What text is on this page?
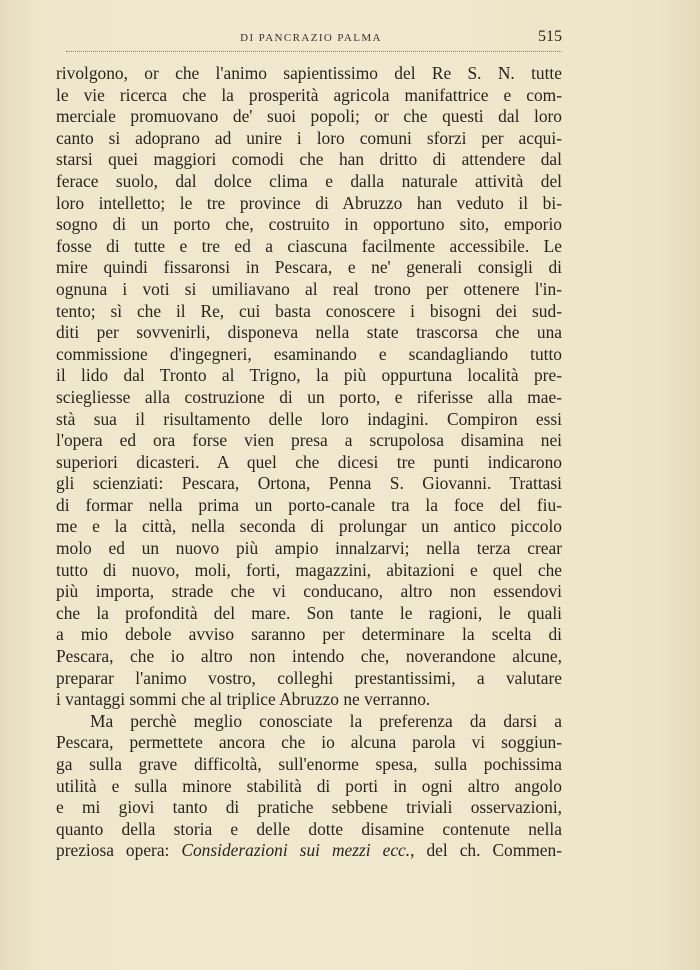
DI PANCRAZIO PALMA	515
rivolgono, or che l'animo sapientissimo del Re S. N. tutte
le vie ricerca che la prosperità agricola manifattrice e com-
merciale promuovano de' suoi popoli; or che questi dal loro
canto si adoprano ad unire i loro comuni sforzi per acqui-
starsi quei maggiori comodi che han dritto di attendere dal
ferace suolo, dal dolce clima e dalla naturale attività del
loro intelletto; le tre province di Abruzzo han veduto il bi-
sogno di un porto che, costruito in opportuno sito, emporio
fosse di tutte e tre ed a ciascuna facilmente accessibile. Le
mire quindi fissaronsi in Pescara, e ne' generali consigli di
ognuna i voti si umiliavano al real trono per ottenere l'in-
tento; sì che il Re, cui basta conoscere i bisogni dei sud-
diti per sovvenirli, disponeva nella state trascorsa che una
commissione d'ingegneri, esaminando e scandagliando tutto
il lido dal Tronto al Trigno, la più oppurtuna località pre-
sciegliesse alla costruzione di un porto, e riferisse alla mae-
stà sua il risultamento delle loro indagini. Compiron essi
l'opera ed ora forse vien presa a scrupolosa disamina nei
superiori dicasteri. A quel che dicesi tre punti indicarono
gli scienziati: Pescara, Ortona, Penna S. Giovanni. Trattasi
di formar nella prima un porto-canale tra la foce del fiu-
me e la città, nella seconda di prolungar un antico piccolo
molo ed un nuovo più ampio innalzarvi; nella terza crear
tutto di nuovo, moli, forti, magazzini, abitazioni e quel che
più importa, strade che vi conducano, altro non essendovi
che la profondità del mare. Son tante le ragioni, le quali
a mio debole avviso saranno per determinare la scelta di
Pescara, che io altro non intendo che, noverandone alcune,
preparar l'animo vostro, colleghi prestantissimi, a valutare
i vantaggi sommi che al triplice Abruzzo ne verranno.
Ma perchè meglio conosciate la preferenza da darsi a
Pescara, permettete ancora che io alcuna parola vi soggiun-
ga sulla grave difficoltà, sull'enorme spesa, sulla pochissima
utilità e sulla minore stabilità di porti in ogni altro angolo
e mi giovi tanto di pratiche sebbene triviali osservazioni,
quanto della storia e delle dotte disamine contenute nella
preziosa opera: Considerazioni sui mezzi ecc., del ch. Commen-
